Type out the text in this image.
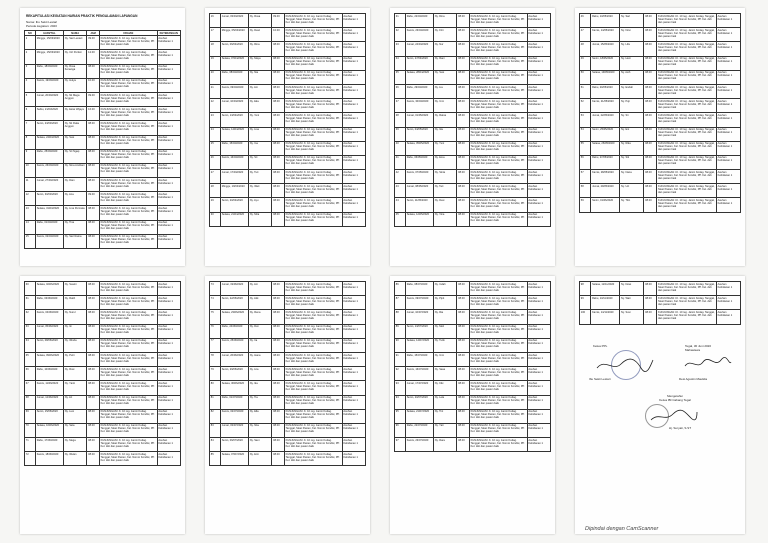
REKAPITULASI KEGIATAN HARIAN PRAKTIK PENGALAMAN LAPANGAN
Nama: Ibu Sekti Lestari
Periode kegiatan: 2020
NO	HARI/TGL	NAMA	JAM	URAIAN	KETERANGAN
1	Minggu, 15/03/2020	Ny. Sari Lestari	09.00	KUNJUNGAN I.K. 10 reg. Jamin Kodag. Tanggal, Sleet Pasien, Kel. Nomor Kondisi, PP. Kel. dsb dan pasien baik	Asuhan Kebidanan 1
2	Minggu, 15/03/2020	Ny. Ciri Pertiwi	12.00	KUNJUNGAN I.K. 10 reg. Jamin Kodag. Tanggal, Sleet Pasien, Kel. Nomor Kondisi, PP. Kel. dsb dan pasien baik	Asuhan Kebidanan 1
3	Rabu, 18/03/2020	Ny. Rosa Kenanga	08.00	KUNJUNGAN I.K. 10 reg. Jamin Kodag. Tanggal, Sleet Pasien, Kel. Nomor Kondisi, PP. Kel. dsb dan pasien baik	Asuhan Kebidanan 1
4	Kamis, 19/03/2020	Ny. Hulya	10.00	KUNJUNGAN I.K. 10 reg. Jamin Kodag. Tanggal, Sleet Pasien, Kel. Nomor Kondisi, PP. Kel. dsb dan pasien baik	Asuhan Kebidanan 1
5	Jumat, 20/03/2020	Ny. Nii Mega Anggun	09.00	KUNJUNGAN I.K. 10 reg. Jamin Kodag. Tanggal, Sleet Pasien, Kel. Nomor Kondisi, PP. Kel. dsb dan pasien baik	Asuhan Kebidanan 1
6	Sabtu, 21/03/2020	Ny. Estar Wijaya	16.00	KUNJUNGAN I.K. 10 reg. Jamin Kodag. Tanggal, Sleet Pasien, Kel. Nomor Kondisi, PP. Kel. dsb dan pasien baik	Asuhan Kebidanan 1
7	Senin, 23/03/2020	Ny. Nii Ruka Anggun	08.00	KUNJUNGAN I.K. 10 reg. Jamin Kodag. Tanggal, Sleet Pasien, Kel. Nomor Kondisi, PP. Kel. dsb dan pasien baik	Asuhan Kebidanan 1
8	Selasa, 24/03/2020	Ny. Susi	08.00	KUNJUNGAN I.K. 10 reg. Jamin Kodag. Tanggal, Sleet Pasien, Kel. Nomor Kondisi, PP. Kel. dsb dan pasien baik	Asuhan Kebidanan 1
9	Rabu, 25/03/2020	Ny. Sri Ngap	08.00	KUNJUNGAN I.K. 10 reg. Jamin Kodag. Tanggal, Sleet Pasien, Kel. Nomor Kondisi, PP. Kel. dsb dan pasien baik	Asuhan Kebidanan 1
10	Kamis, 26/03/2020	Ny. Nina Andriani	08.00	KUNJUNGAN I.K. 10 reg. Jamin Kodag. Tanggal, Sleet Pasien, Kel. Nomor Kondisi, PP. Kel. dsb dan pasien baik	Asuhan Kebidanan 1
11	Jumat, 27/03/2020	Ny. Dian	08.00	KUNJUNGAN I.K. 10 reg. Jamin Kodag. Tanggal, Sleet Pasien, Kel. Nomor Kondisi, PP. Kel. dsb dan pasien baik	Asuhan Kebidanan 1
12	Senin, 30/03/2020	Ny. Ana	09.00	KUNJUNGAN I.K. 10 reg. Jamin Kodag. Tanggal, Sleet Pasien, Kel. Nomor Kondisi, PP. Kel. dsb dan pasien baik	Asuhan Kebidanan 1
13	Selasa, 31/03/2020	Ny. Lina Permata	08.00	KUNJUNGAN I.K. 10 reg. Jamin Kodag. Tanggal, Sleet Pasien, Kel. Nomor Kondisi, PP. Kel. dsb dan pasien baik	Asuhan Kebidanan 1
14	Rabu, 01/04/2020	Ny. Tina	08.00	KUNJUNGAN I.K. 10 reg. Jamin Kodag. Tanggal, Sleet Pasien, Kel. Nomor Kondisi, PP. Kel. dsb dan pasien baik	Asuhan Kebidanan 1
15	Kamis, 02/04/2020	Ny. Sari Ratna	08.00	KUNJUNGAN I.K. 10 reg. Jamin Kodag. Tanggal, Sleet Pasien, Kel. Nomor Kondisi, PP. Kel. dsb dan pasien baik	Asuhan Kebidanan 1
16	Jumat, 03/04/2020	Ny. Rosa	09.00	KUNJUNGAN I.K. 10 reg. Jamin Kodag. Tanggal, Sleet Pasien, Kel. Nomor Kondisi, PP. Kel. dsb dan pasien baik	Asuhan Kebidanan 1
17	Minggu, 05/04/2020	Ny. Dewi	10.00	KUNJUNGAN I.K. 10 reg. Jamin Kodag. Tanggal, Sleet Pasien, Kel. Nomor Kondisi, PP. Kel. dsb dan pasien baik	Asuhan Kebidanan 1
18	Senin, 06/04/2020	Ny. Rina	08.00	KUNJUNGAN I.K. 10 reg. Jamin Kodag. Tanggal, Sleet Pasien, Kel. Nomor Kondisi, PP. Kel. dsb dan pasien baik	Asuhan Kebidanan 1
19	Selasa, 07/04/2020	Ny. Maya	08.00	KUNJUNGAN I.K. 10 reg. Jamin Kodag. Tanggal, Sleet Pasien, Kel. Nomor Kondisi, PP. Kel. dsb dan pasien baik	Asuhan Kebidanan 1
20	Rabu, 08/04/2020	Ny. Nia	08.00	KUNJUNGAN I.K. 10 reg. Jamin Kodag. Tanggal, Sleet Pasien, Kel. Nomor Kondisi, PP. Kel. dsb dan pasien baik	Asuhan Kebidanan 1
21	Kamis, 09/04/2020	Ny. Ani	08.00	KUNJUNGAN I.K. 10 reg. Jamin Kodag. Tanggal, Sleet Pasien, Kel. Nomor Kondisi, PP. Kel. dsb dan pasien baik	Asuhan Kebidanan 1
22	Jumat, 10/04/2020	Ny. Eka	08.00	KUNJUNGAN I.K. 10 reg. Jamin Kodag. Tanggal, Sleet Pasien, Kel. Nomor Kondisi, PP. Kel. dsb dan pasien baik	Asuhan Kebidanan 1
23	Senin, 13/04/2020	Ny. Yeni	08.00	KUNJUNGAN I.K. 10 reg. Jamin Kodag. Tanggal, Sleet Pasien, Kel. Nomor Kondisi, PP. Kel. dsb dan pasien baik	Asuhan Kebidanan 1
24	Selasa, 14/04/2020	Ny. Lisa	08.00	KUNJUNGAN I.K. 10 reg. Jamin Kodag. Tanggal, Sleet Pasien, Kel. Nomor Kondisi, PP. Kel. dsb dan pasien baik	Asuhan Kebidanan 1
25	Rabu, 15/04/2020	Ny. Ina	08.00	KUNJUNGAN I.K. 10 reg. Jamin Kodag. Tanggal, Sleet Pasien, Kel. Nomor Kondisi, PP. Kel. dsb dan pasien baik	Asuhan Kebidanan 1
26	Kamis, 16/04/2020	Ny. Sri	08.00	KUNJUNGAN I.K. 10 reg. Jamin Kodag. Tanggal, Sleet Pasien, Kel. Nomor Kondisi, PP. Kel. dsb dan pasien baik	Asuhan Kebidanan 1
27	Jumat, 17/04/2020	Ny. Tuti	08.00	KUNJUNGAN I.K. 10 reg. Jamin Kodag. Tanggal, Sleet Pasien, Kel. Nomor Kondisi, PP. Kel. dsb dan pasien baik	Asuhan Kebidanan 1
28	Minggu, 19/04/2020	Ny. Wati	08.00	KUNJUNGAN I.K. 10 reg. Jamin Kodag. Tanggal, Sleet Pasien, Kel. Nomor Kondisi, PP. Kel. dsb dan pasien baik	Asuhan Kebidanan 1
29	Senin, 20/04/2020	Ny. Ayu	08.00	KUNJUNGAN I.K. 10 reg. Jamin Kodag. Tanggal, Sleet Pasien, Kel. Nomor Kondisi, PP. Kel. dsb dan pasien baik	Asuhan Kebidanan 1
30	Selasa, 21/04/2020	Ny. Mira	08.00	KUNJUNGAN I.K. 10 reg. Jamin Kodag. Tanggal, Sleet Pasien, Kel. Nomor Kondisi, PP. Kel. dsb dan pasien baik	Asuhan Kebidanan 1
31	Rabu, 22/04/2020	Ny. Dina	08.00	KUNJUNGAN I.K. 10 reg. Jamin Kodag. Tanggal, Sleet Pasien, Kel. Nomor Kondisi, PP. Kel. dsb dan pasien baik	Asuhan Kebidanan 1
32	Kamis, 23/04/2020	Ny. Fitri	08.00	KUNJUNGAN I.K. 10 reg. Jamin Kodag. Tanggal, Sleet Pasien, Kel. Nomor Kondisi, PP. Kel. dsb dan pasien baik	Asuhan Kebidanan 1
33	Jumat, 24/04/2020	Ny. Nur	08.00	KUNJUNGAN I.K. 10 reg. Jamin Kodag. Tanggal, Sleet Pasien, Kel. Nomor Kondisi, PP. Kel. dsb dan pasien baik	Asuhan Kebidanan 1
34	Senin, 27/04/2020	Ny. Rani	08.00	KUNJUNGAN I.K. 10 reg. Jamin Kodag. Tanggal, Sleet Pasien, Kel. Nomor Kondisi, PP. Kel. dsb dan pasien baik	Asuhan Kebidanan 1
35	Selasa, 28/04/2020	Ny. Susi	08.00	KUNJUNGAN I.K. 10 reg. Jamin Kodag. Tanggal, Sleet Pasien, Kel. Nomor Kondisi, PP. Kel. dsb dan pasien baik	Asuhan Kebidanan 1
36	Rabu, 29/04/2020	Ny. Lia	08.00	KUNJUNGAN I.K. 10 reg. Jamin Kodag. Tanggal, Sleet Pasien, Kel. Nomor Kondisi, PP. Kel. dsb dan pasien baik	Asuhan Kebidanan 1
37	Kamis, 30/04/2020	Ny. Umi	08.00	KUNJUNGAN I.K. 10 reg. Jamin Kodag. Tanggal, Sleet Pasien, Kel. Nomor Kondisi, PP. Kel. dsb dan pasien baik	Asuhan Kebidanan 1
38	Jumat, 01/05/2020	Ny. Ratna	08.00	KUNJUNGAN I.K. 10 reg. Jamin Kodag. Tanggal, Sleet Pasien, Kel. Nomor Kondisi, PP. Kel. dsb dan pasien baik	Asuhan Kebidanan 1
39	Senin, 04/05/2020	Ny. Ida	08.00	KUNJUNGAN I.K. 10 reg. Jamin Kodag. Tanggal, Sleet Pasien, Kel. Nomor Kondisi, PP. Kel. dsb dan pasien baik	Asuhan Kebidanan 1
40	Selasa, 05/05/2020	Ny. Yuni	08.00	KUNJUNGAN I.K. 10 reg. Jamin Kodag. Tanggal, Sleet Pasien, Kel. Nomor Kondisi, PP. Kel. dsb dan pasien baik	Asuhan Kebidanan 1
41	Rabu, 06/05/2020	Ny. Ema	08.00	KUNJUNGAN I.K. 10 reg. Jamin Kodag. Tanggal, Sleet Pasien, Kel. Nomor Kondisi, PP. Kel. dsb dan pasien baik	Asuhan Kebidanan 1
42	Kamis, 07/05/2020	Ny. Sinta	08.00	KUNJUNGAN I.K. 10 reg. Jamin Kodag. Tanggal, Sleet Pasien, Kel. Nomor Kondisi, PP. Kel. dsb dan pasien baik	Asuhan Kebidanan 1
43	Jumat, 08/05/2020	Ny. Tari	08.00	KUNJUNGAN I.K. 10 reg. Jamin Kodag. Tanggal, Sleet Pasien, Kel. Nomor Kondisi, PP. Kel. dsb dan pasien baik	Asuhan Kebidanan 1
44	Senin, 11/05/2020	Ny. Desi	08.00	KUNJUNGAN I.K. 10 reg. Jamin Kodag. Tanggal, Sleet Pasien, Kel. Nomor Kondisi, PP. Kel. dsb dan pasien baik	Asuhan Kebidanan 1
45	Selasa, 12/05/2020	Ny. Vina	08.00	KUNJUNGAN I.K. 10 reg. Jamin Kodag. Tanggal, Sleet Pasien, Kel. Nomor Kondisi, PP. Kel. dsb dan pasien baik	Asuhan Kebidanan 1
46	Rabu, 13/05/2020	Ny. Sari	08.00	KUNJUNGAN I.K. 10 reg. Jamin Kodag. Tanggal, Sleet Pasien, Kel. Nomor Kondisi, PP. Kel. dsb dan pasien baik	Asuhan Kebidanan 1
47	Kamis, 14/05/2020	Ny. Novi	08.00	KUNJUNGAN I.K. 10 reg. Jamin Kodag. Tanggal, Sleet Pasien, Kel. Nomor Kondisi, PP. Kel. dsb dan pasien baik	Asuhan Kebidanan 1
48	Jumat, 15/05/2020	Ny. Lilis	08.00	KUNJUNGAN I.K. 10 reg. Jamin Kodag. Tanggal, Sleet Pasien, Kel. Nomor Kondisi, PP. Kel. dsb dan pasien baik	Asuhan Kebidanan 1
49	Senin, 18/05/2020	Ny. Heni	08.00	KUNJUNGAN I.K. 10 reg. Jamin Kodag. Tanggal, Sleet Pasien, Kel. Nomor Kondisi, PP. Kel. dsb dan pasien baik	Asuhan Kebidanan 1
50	Selasa, 19/05/2020	Ny. Asih	08.00	KUNJUNGAN I.K. 10 reg. Jamin Kodag. Tanggal, Sleet Pasien, Kel. Nomor Kondisi, PP. Kel. dsb dan pasien baik	Asuhan Kebidanan 1
51	Rabu, 20/05/2020	Ny. Endah	08.00	KUNJUNGAN I.K. 10 reg. Jamin Kodag. Tanggal, Sleet Pasien, Kel. Nomor Kondisi, PP. Kel. dsb dan pasien baik	Asuhan Kebidanan 1
52	Kamis, 21/05/2020	Ny. Puji	08.00	KUNJUNGAN I.K. 10 reg. Jamin Kodag. Tanggal, Sleet Pasien, Kel. Nomor Kondisi, PP. Kel. dsb dan pasien baik	Asuhan Kebidanan 1
53	Jumat, 22/05/2020	Ny. Sri	08.00	KUNJUNGAN I.K. 10 reg. Jamin Kodag. Tanggal, Sleet Pasien, Kel. Nomor Kondisi, PP. Kel. dsb dan pasien baik	Asuhan Kebidanan 1
54	Senin, 25/05/2020	Ny. Eni	08.00	KUNJUNGAN I.K. 10 reg. Jamin Kodag. Tanggal, Sleet Pasien, Kel. Nomor Kondisi, PP. Kel. dsb dan pasien baik	Asuhan Kebidanan 1
55	Selasa, 26/05/2020	Ny. Rika	08.00	KUNJUNGAN I.K. 10 reg. Jamin Kodag. Tanggal, Sleet Pasien, Kel. Nomor Kondisi, PP. Kel. dsb dan pasien baik	Asuhan Kebidanan 1
56	Rabu, 27/05/2020	Ny. Siti	08.00	KUNJUNGAN I.K. 10 reg. Jamin Kodag. Tanggal, Sleet Pasien, Kel. Nomor Kondisi, PP. Kel. dsb dan pasien baik	Asuhan Kebidanan 1
57	Kamis, 28/05/2020	Ny. Nana	08.00	KUNJUNGAN I.K. 10 reg. Jamin Kodag. Tanggal, Sleet Pasien, Kel. Nomor Kondisi, PP. Kel. dsb dan pasien baik	Asuhan Kebidanan 1
58	Jumat, 29/05/2020	Ny. Uci	08.00	KUNJUNGAN I.K. 10 reg. Jamin Kodag. Tanggal, Sleet Pasien, Kel. Nomor Kondisi, PP. Kel. dsb dan pasien baik	Asuhan Kebidanan 1
59	Senin, 01/06/2020	Ny. Titin	08.00	KUNJUNGAN I.K. 10 reg. Jamin Kodag. Tanggal, Sleet Pasien, Kel. Nomor Kondisi, PP. Kel. dsb dan pasien baik	Asuhan Kebidanan 1
60	Selasa, 02/06/2020	Ny. Suarni	08.00	KUNJUNGAN I.K. 10 reg. Jamin Kodag. Tanggal, Sleet Pasien, Kel. Nomor Kondisi, PP. Kel. dsb dan pasien baik	Asuhan Kebidanan 1
61	Rabu, 03/06/2020	Ny. Ratih	08.00	KUNJUNGAN I.K. 10 reg. Jamin Kodag. Tanggal, Sleet Pasien, Kel. Nomor Kondisi, PP. Kel. dsb dan pasien baik	Asuhan Kebidanan 1
62	Kamis, 04/06/2020	Ny. Nurul	08.00	KUNJUNGAN I.K. 10 reg. Jamin Kodag. Tanggal, Sleet Pasien, Kel. Nomor Kondisi, PP. Kel. dsb dan pasien baik	Asuhan Kebidanan 1
63	Jumat, 05/06/2020	Ny. Iin	08.00	KUNJUNGAN I.K. 10 reg. Jamin Kodag. Tanggal, Sleet Pasien, Kel. Nomor Kondisi, PP. Kel. dsb dan pasien baik	Asuhan Kebidanan 1
64	Senin, 08/06/2020	Ny. Winda	08.00	KUNJUNGAN I.K. 10 reg. Jamin Kodag. Tanggal, Sleet Pasien, Kel. Nomor Kondisi, PP. Kel. dsb dan pasien baik	Asuhan Kebidanan 1
65	Selasa, 09/06/2020	Ny. Putri	08.00	KUNJUNGAN I.K. 10 reg. Jamin Kodag. Tanggal, Sleet Pasien, Kel. Nomor Kondisi, PP. Kel. dsb dan pasien baik	Asuhan Kebidanan 1
66	Rabu, 10/06/2020	Ny. Rosi	08.00	KUNJUNGAN I.K. 10 reg. Jamin Kodag. Tanggal, Sleet Pasien, Kel. Nomor Kondisi, PP. Kel. dsb dan pasien baik	Asuhan Kebidanan 1
67	Kamis, 11/06/2020	Ny. Yanti	08.00	KUNJUNGAN I.K. 10 reg. Jamin Kodag. Tanggal, Sleet Pasien, Kel. Nomor Kondisi, PP. Kel. dsb dan pasien baik	Asuhan Kebidanan 1
68	Jumat, 12/06/2020	Ny. Ari	08.00	KUNJUNGAN I.K. 10 reg. Jamin Kodag. Tanggal, Sleet Pasien, Kel. Nomor Kondisi, PP. Kel. dsb dan pasien baik	Asuhan Kebidanan 1
69	Senin, 15/06/2020	Ny. Lusi	08.00	KUNJUNGAN I.K. 10 reg. Jamin Kodag. Tanggal, Sleet Pasien, Kel. Nomor Kondisi, PP. Kel. dsb dan pasien baik	Asuhan Kebidanan 1
70	Selasa, 16/06/2020	Ny. Sela	08.00	KUNJUNGAN I.K. 10 reg. Jamin Kodag. Tanggal, Sleet Pasien, Kel. Nomor Kondisi, PP. Kel. dsb dan pasien baik	Asuhan Kebidanan 1
71	Rabu, 17/06/2020	Ny. Mega	08.00	KUNJUNGAN I.K. 10 reg. Jamin Kodag. Tanggal, Sleet Pasien, Kel. Nomor Kondisi, PP. Kel. dsb dan pasien baik	Asuhan Kebidanan 1
72	Kamis, 18/06/2020	Ny. Wulan	08.00	KUNJUNGAN I.K. 10 reg. Jamin Kodag. Tanggal, Sleet Pasien, Kel. Nomor Kondisi, PP. Kel. dsb dan pasien baik	Asuhan Kebidanan 1
73	Jumat, 19/06/2020	Ny. Ani	08.00	KUNJUNGAN I.K. 10 reg. Jamin Kodag. Tanggal, Sleet Pasien, Kel. Nomor Kondisi, PP. Kel. dsb dan pasien baik	Asuhan Kebidanan 1
74	Senin, 22/06/2020	Ny. Atik	08.00	KUNJUNGAN I.K. 10 reg. Jamin Kodag. Tanggal, Sleet Pasien, Kel. Nomor Kondisi, PP. Kel. dsb dan pasien baik	Asuhan Kebidanan 1
75	Selasa, 23/06/2020	Ny. Rena	08.00	KUNJUNGAN I.K. 10 reg. Jamin Kodag. Tanggal, Sleet Pasien, Kel. Nomor Kondisi, PP. Kel. dsb dan pasien baik	Asuhan Kebidanan 1
76	Rabu, 24/06/2020	Ny. Dwi	08.00	KUNJUNGAN I.K. 10 reg. Jamin Kodag. Tanggal, Sleet Pasien, Kel. Nomor Kondisi, PP. Kel. dsb dan pasien baik	Asuhan Kebidanan 1
77	Kamis, 25/06/2020	Ny. Ira	08.00	KUNJUNGAN I.K. 10 reg. Jamin Kodag. Tanggal, Sleet Pasien, Kel. Nomor Kondisi, PP. Kel. dsb dan pasien baik	Asuhan Kebidanan 1
78	Jumat, 26/06/2020	Ny. Hana	08.00	KUNJUNGAN I.K. 10 reg. Jamin Kodag. Tanggal, Sleet Pasien, Kel. Nomor Kondisi, PP. Kel. dsb dan pasien baik	Asuhan Kebidanan 1
79	Senin, 29/06/2020	Ny. Lita	08.00	KUNJUNGAN I.K. 10 reg. Jamin Kodag. Tanggal, Sleet Pasien, Kel. Nomor Kondisi, PP. Kel. dsb dan pasien baik	Asuhan Kebidanan 1
80	Selasa, 30/06/2020	Ny. Ika	08.00	KUNJUNGAN I.K. 10 reg. Jamin Kodag. Tanggal, Sleet Pasien, Kel. Nomor Kondisi, PP. Kel. dsb dan pasien baik	Asuhan Kebidanan 1
81	Rabu, 01/07/2020	Ny. Tia	08.00	KUNJUNGAN I.K. 10 reg. Jamin Kodag. Tanggal, Sleet Pasien, Kel. Nomor Kondisi, PP. Kel. dsb dan pasien baik	Asuhan Kebidanan 1
82	Kamis, 02/07/2020	Ny. Ella	08.00	KUNJUNGAN I.K. 10 reg. Jamin Kodag. Tanggal, Sleet Pasien, Kel. Nomor Kondisi, PP. Kel. dsb dan pasien baik	Asuhan Kebidanan 1
83	Jumat, 03/07/2020	Ny. Nita	08.00	KUNJUNGAN I.K. 10 reg. Jamin Kodag. Tanggal, Sleet Pasien, Kel. Nomor Kondisi, PP. Kel. dsb dan pasien baik	Asuhan Kebidanan 1
84	Senin, 06/07/2020	Ny. Sani	08.00	KUNJUNGAN I.K. 10 reg. Jamin Kodag. Tanggal, Sleet Pasien, Kel. Nomor Kondisi, PP. Kel. dsb dan pasien baik	Asuhan Kebidanan 1
85	Selasa, 07/07/2020	Ny. Erni	08.00	KUNJUNGAN I.K. 10 reg. Jamin Kodag. Tanggal, Sleet Pasien, Kel. Nomor Kondisi, PP. Kel. dsb dan pasien baik	Asuhan Kebidanan 1
86	Rabu, 08/07/2020	Ny. Indah	08.00	KUNJUNGAN I.K. 10 reg. Jamin Kodag. Tanggal, Sleet Pasien, Kel. Nomor Kondisi, PP. Kel. dsb dan pasien baik	Asuhan Kebidanan 1
87	Kamis, 09/07/2020	Ny. Pipit	08.00	KUNJUNGAN I.K. 10 reg. Jamin Kodag. Tanggal, Sleet Pasien, Kel. Nomor Kondisi, PP. Kel. dsb dan pasien baik	Asuhan Kebidanan 1
88	Jumat, 10/07/2020	Ny. Ria	08.00	KUNJUNGAN I.K. 10 reg. Jamin Kodag. Tanggal, Sleet Pasien, Kel. Nomor Kondisi, PP. Kel. dsb dan pasien baik	Asuhan Kebidanan 1
89	Senin, 13/07/2020	Ny. Meli	08.00	KUNJUNGAN I.K. 10 reg. Jamin Kodag. Tanggal, Sleet Pasien, Kel. Nomor Kondisi, PP. Kel. dsb dan pasien baik	Asuhan Kebidanan 1
90	Selasa, 14/07/2020	Ny. Tutik	08.00	KUNJUNGAN I.K. 10 reg. Jamin Kodag. Tanggal, Sleet Pasien, Kel. Nomor Kondisi, PP. Kel. dsb dan pasien baik	Asuhan Kebidanan 1
91	Rabu, 15/07/2020	Ny. Umi	08.00	KUNJUNGAN I.K. 10 reg. Jamin Kodag. Tanggal, Sleet Pasien, Kel. Nomor Kondisi, PP. Kel. dsb dan pasien baik	Asuhan Kebidanan 1
92	Kamis, 16/07/2020	Ny. Sasa	08.00	KUNJUNGAN I.K. 10 reg. Jamin Kodag. Tanggal, Sleet Pasien, Kel. Nomor Kondisi, PP. Kel. dsb dan pasien baik	Asuhan Kebidanan 1
93	Jumat, 17/07/2020	Ny. Kiki	08.00	KUNJUNGAN I.K. 10 reg. Jamin Kodag. Tanggal, Sleet Pasien, Kel. Nomor Kondisi, PP. Kel. dsb dan pasien baik	Asuhan Kebidanan 1
94	Senin, 20/07/2020	Ny. Lela	08.00	KUNJUNGAN I.K. 10 reg. Jamin Kodag. Tanggal, Sleet Pasien, Kel. Nomor Kondisi, PP. Kel. dsb dan pasien baik	Asuhan Kebidanan 1
95	Selasa, 21/07/2020	Ny. Tini	08.00	KUNJUNGAN I.K. 10 reg. Jamin Kodag. Tanggal, Sleet Pasien, Kel. Nomor Kondisi, PP. Kel. dsb dan pasien baik	Asuhan Kebidanan 1
96	Rabu, 22/07/2020	Ny. Yati	08.00	KUNJUNGAN I.K. 10 reg. Jamin Kodag. Tanggal, Sleet Pasien, Kel. Nomor Kondisi, PP. Kel. dsb dan pasien baik	Asuhan Kebidanan 1
97	Kamis, 23/07/2020	Ny. Rara	08.00	KUNJUNGAN I.K. 10 reg. Jamin Kodag. Tanggal, Sleet Pasien, Kel. Nomor Kondisi, PP. Kel. dsb dan pasien baik	Asuhan Kebidanan 1
98	Selasa, 12/11/2020	Ny. Dewi	08.00	KUNJUNGAN I.K. 10 reg. Jamin Kodag. Tanggal, Sleet Pasien, Kel. Nomor Kondisi, PP. Kel. dsb dan pasien baik	Asuhan Kebidanan 1
99	Rabu, 13/11/2020	Ny. Wati	08.00	KUNJUNGAN I.K. 10 reg. Jamin Kodag. Tanggal, Sleet Pasien, Kel. Nomor Kondisi, PP. Kel. dsb dan pasien baik	Asuhan Kebidanan 1
100	Kamis, 14/11/2020	Ny. Susi	08.00	KUNJUNGAN I.K. 10 reg. Jamin Kodag. Tanggal, Sleet Pasien, Kel. Nomor Kondisi, PP. Kel. dsb dan pasien baik	Asuhan Kebidanan 1
Ketua PPL	Tegal, 30 Juni 2020
Mahasiswa
Ibu Sekti Lestari	Desi Agustin Maulida
Mengetahui
Ketua IBI Cabang Tegal
Hj. Suryati, S.ST
Dipindai dengan CamScanner
